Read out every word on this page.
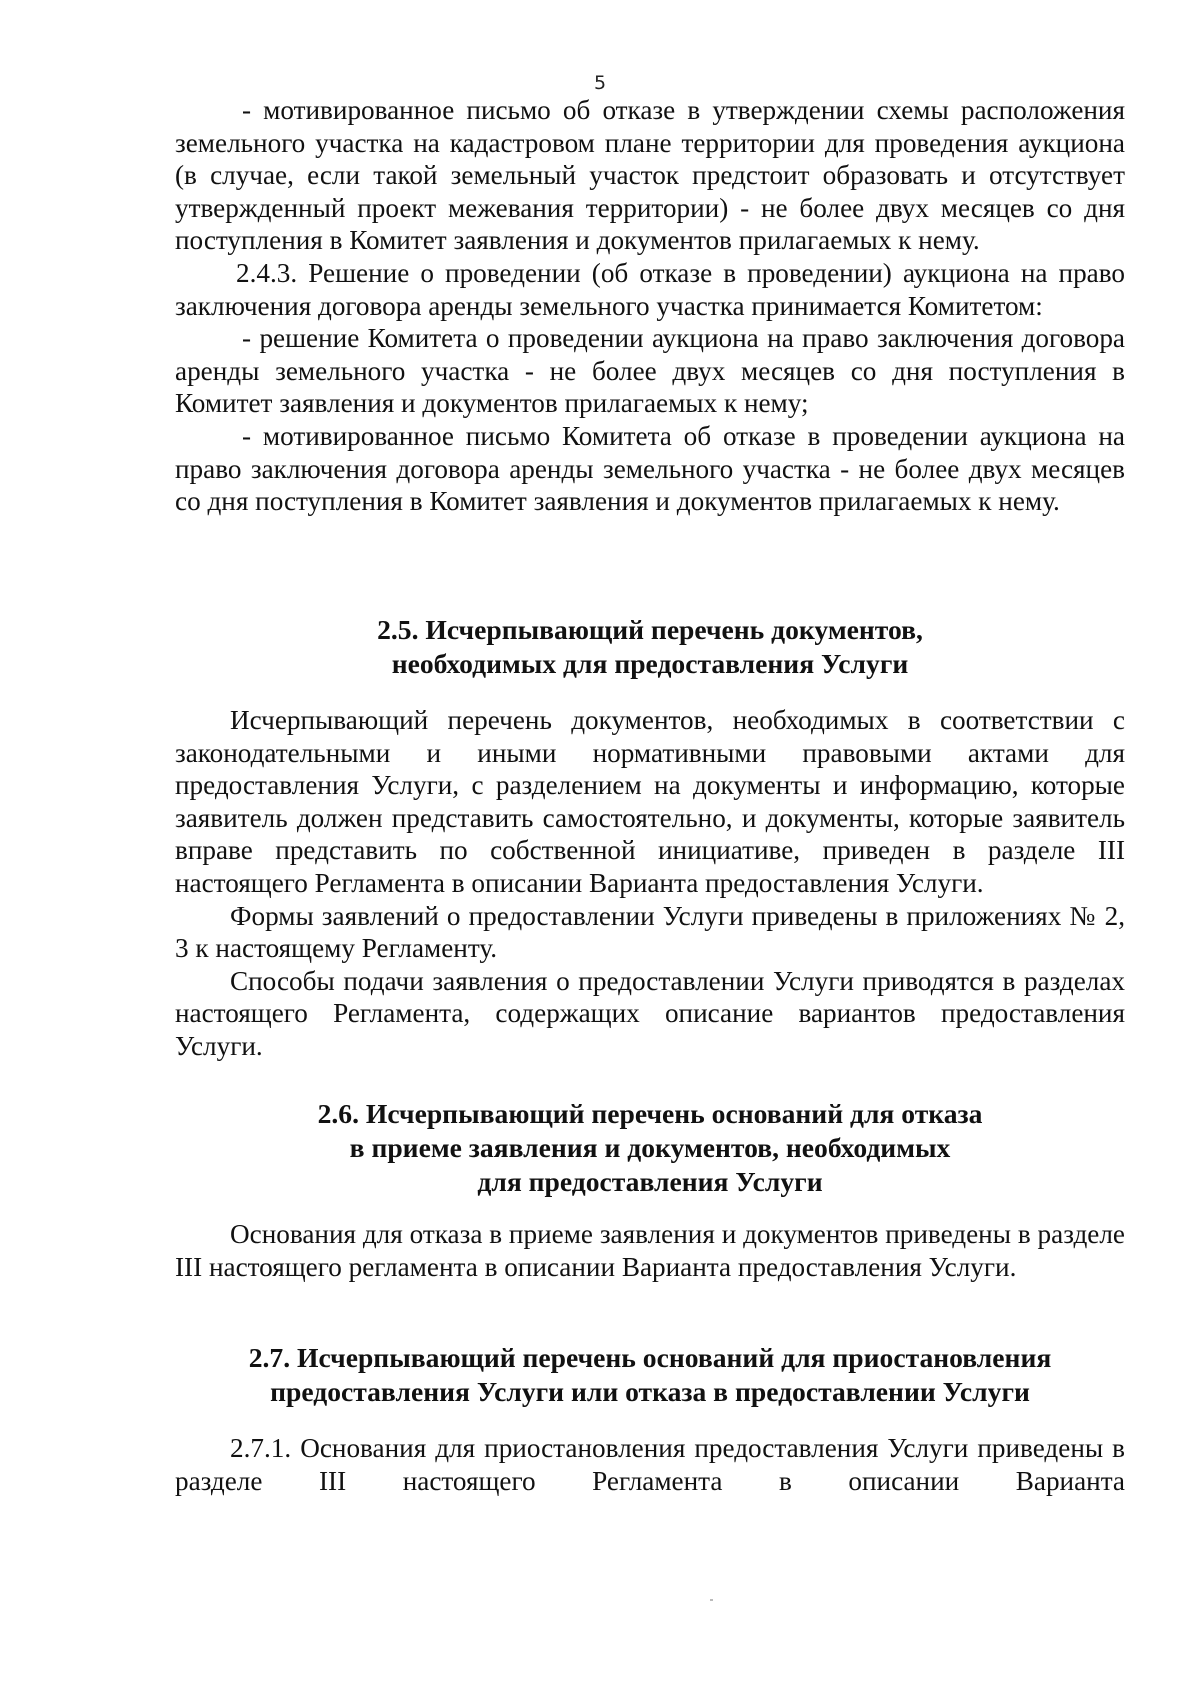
5

- мотивированное письмо об отказе в утверждении схемы расположения земельного участка на кадастровом плане территории для проведения аукциона (в случае, если такой земельный участок предстоит образовать и отсутствует утвержденный проект межевания территории) - не более двух месяцев со дня поступления в Комитет заявления и документов прилагаемых к нему.

2.4.3. Решение о проведении (об отказе в проведении) аукциона на право заключения договора аренды земельного участка принимается Комитетом:

- решение Комитета о проведении аукциона на право заключения договора аренды земельного участка - не более двух месяцев со дня поступления в Комитет заявления и документов прилагаемых к нему;

- мотивированное письмо Комитета об отказе в проведении аукциона на право заключения договора аренды земельного участка - не более двух месяцев со дня поступления в Комитет заявления и документов прилагаемых к нему.

2.5. Исчерпывающий перечень документов,
необходимых для предоставления Услуги

Исчерпывающий перечень документов, необходимых в соответствии с законодательными и иными нормативными правовыми актами для предоставления Услуги, с разделением на документы и информацию, которые заявитель должен представить самостоятельно, и документы, которые заявитель вправе представить по собственной инициативе, приведен в разделе III настоящего Регламента в описании Варианта предоставления Услуги.

Формы заявлений о предоставлении Услуги приведены в приложениях № 2, 3 к настоящему Регламенту.

Способы подачи заявления о предоставлении Услуги приводятся в разделах настоящего Регламента, содержащих описание вариантов предоставления Услуги.

2.6. Исчерпывающий перечень оснований для отказа
в приеме заявления и документов, необходимых
для предоставления Услуги

Основания для отказа в приеме заявления и документов приведены в разделе III настоящего регламента в описании Варианта предоставления Услуги.

2.7. Исчерпывающий перечень оснований для приостановления
предоставления Услуги или отказа в предоставлении Услуги

2.7.1. Основания для приостановления предоставления Услуги приведены в разделе III настоящего Регламента в описании Варианта
